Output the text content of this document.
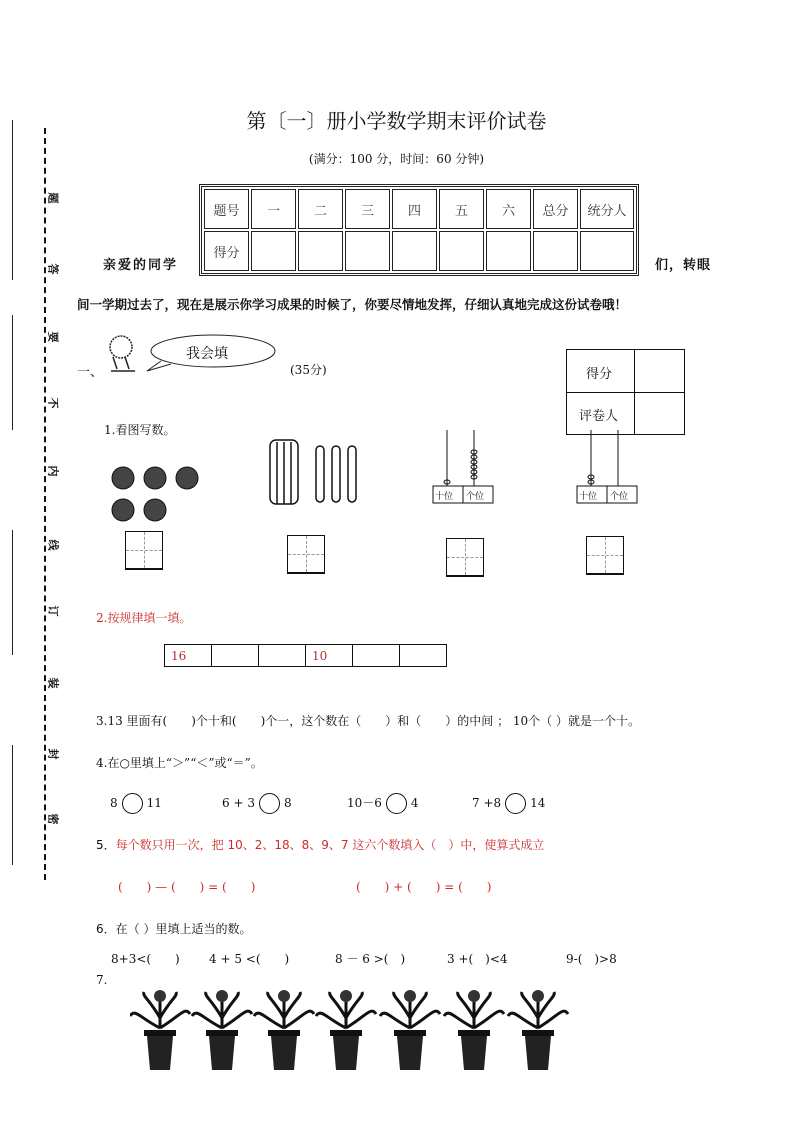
题
答
要
不
内
线
订
装
封
密
第〔一〕册小学数学期末评价试卷
(满分：100 分，时间：60 分钟)
题号	一	二	三	四	五	六	总分	统分人
得分								
亲爱的同学	们，转眼
间一学期过去了，现在是展示你学习成果的时候了，你要尽情地发挥，仔细认真地完成这份试卷哦！
一、
我会填
(35分)	得分
评卷人
1.看图写数。
十位 个位	十位 个位
2.按规律填一填。
16			10		
3.13 里面有(　　)个十和(　　)个一，这个数在（　　）和（　　）的中间 ； 10个（ ）就是一个十。
4.在○里填上“＞”“＜”或“＝”。
8 11	6 + 3 8	10－6 4	7 +8 14
5．每个数只用一次，把 10、2、18、8、9、7 这六个数填入（　）中，使算式成立
(　　) — (　　) = (　　)	(　　) + (　　) = (　　)
6．在（ ）里填上适当的数。
8+3<(　　) 4 + 5 <(　　)	8 － 6 >(　)	3 +(　)<4	9-(　)>8
7.
